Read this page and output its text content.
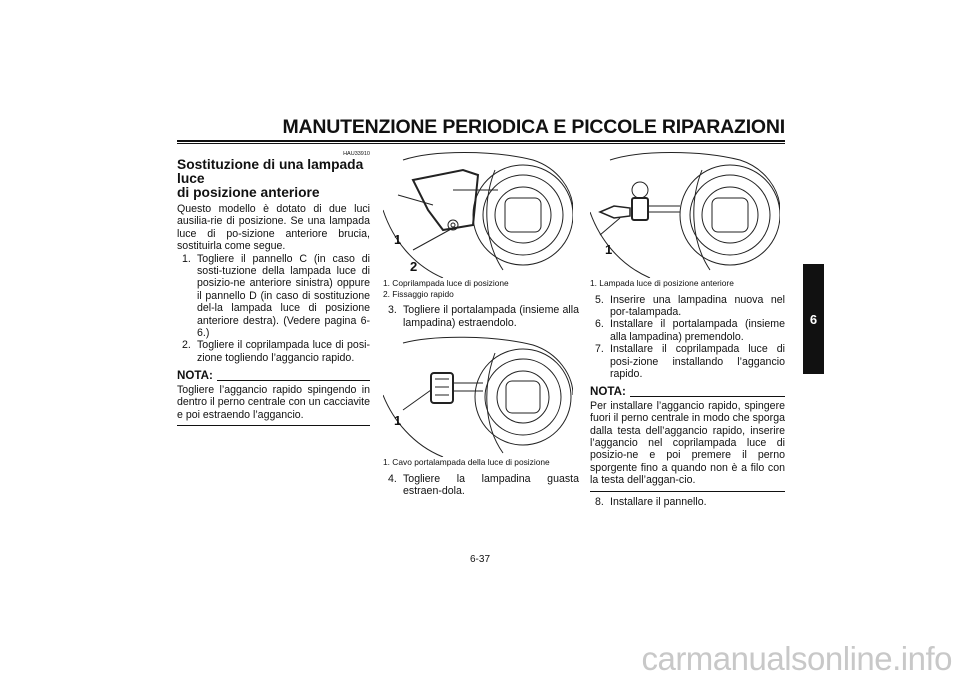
MANUTENZIONE PERIODICA E PICCOLE RIPARAZIONI
6
HAU33910
Sostituzione di una lampada luce
di posizione anteriore

Questo modello è dotato di due luci ausilia-rie di posizione. Se una lampada luce di po-sizione anteriore brucia, sostituirla come segue.

1. Togliere il pannello C (in caso di sosti-tuzione della lampada luce di posizio-ne anteriore sinistra) oppure il pannello D (in caso di sostituzione del-la lampada luce di posizione anteriore destra). (Vedere pagina 6-6.)
2. Togliere il coprilampada luce di posi-zione togliendo l’aggancio rapido.
NOTA:
Togliere l’aggancio rapido spingendo in dentro il perno centrale con un cacciavite e poi estraendo l’aggancio.
1
2
1. Coprilampada luce di posizione
2. Fissaggio rapido
3. Togliere il portalampada (insieme alla lampadina) estraendolo.
1
1. Cavo portalampada della luce di posizione
4. Togliere la lampadina guasta estraen-dola.
1
1. Lampada luce di posizione anteriore
5. Inserire una lampadina nuova nel por-talampada.
6. Installare il portalampada (insieme alla lampadina) premendolo.
7. Installare il coprilampada luce di posi-zione installando l’aggancio rapido.
NOTA:
Per installare l’aggancio rapido, spingere fuori il perno centrale in modo che sporga dalla testa dell’aggancio rapido, inserire l’aggancio nel coprilampada luce di posizio-ne e poi premere il perno sporgente fino a quando non è a filo con la testa dell’aggan-cio.
8. Installare il pannello.
6-37
carmanualsonline.info
